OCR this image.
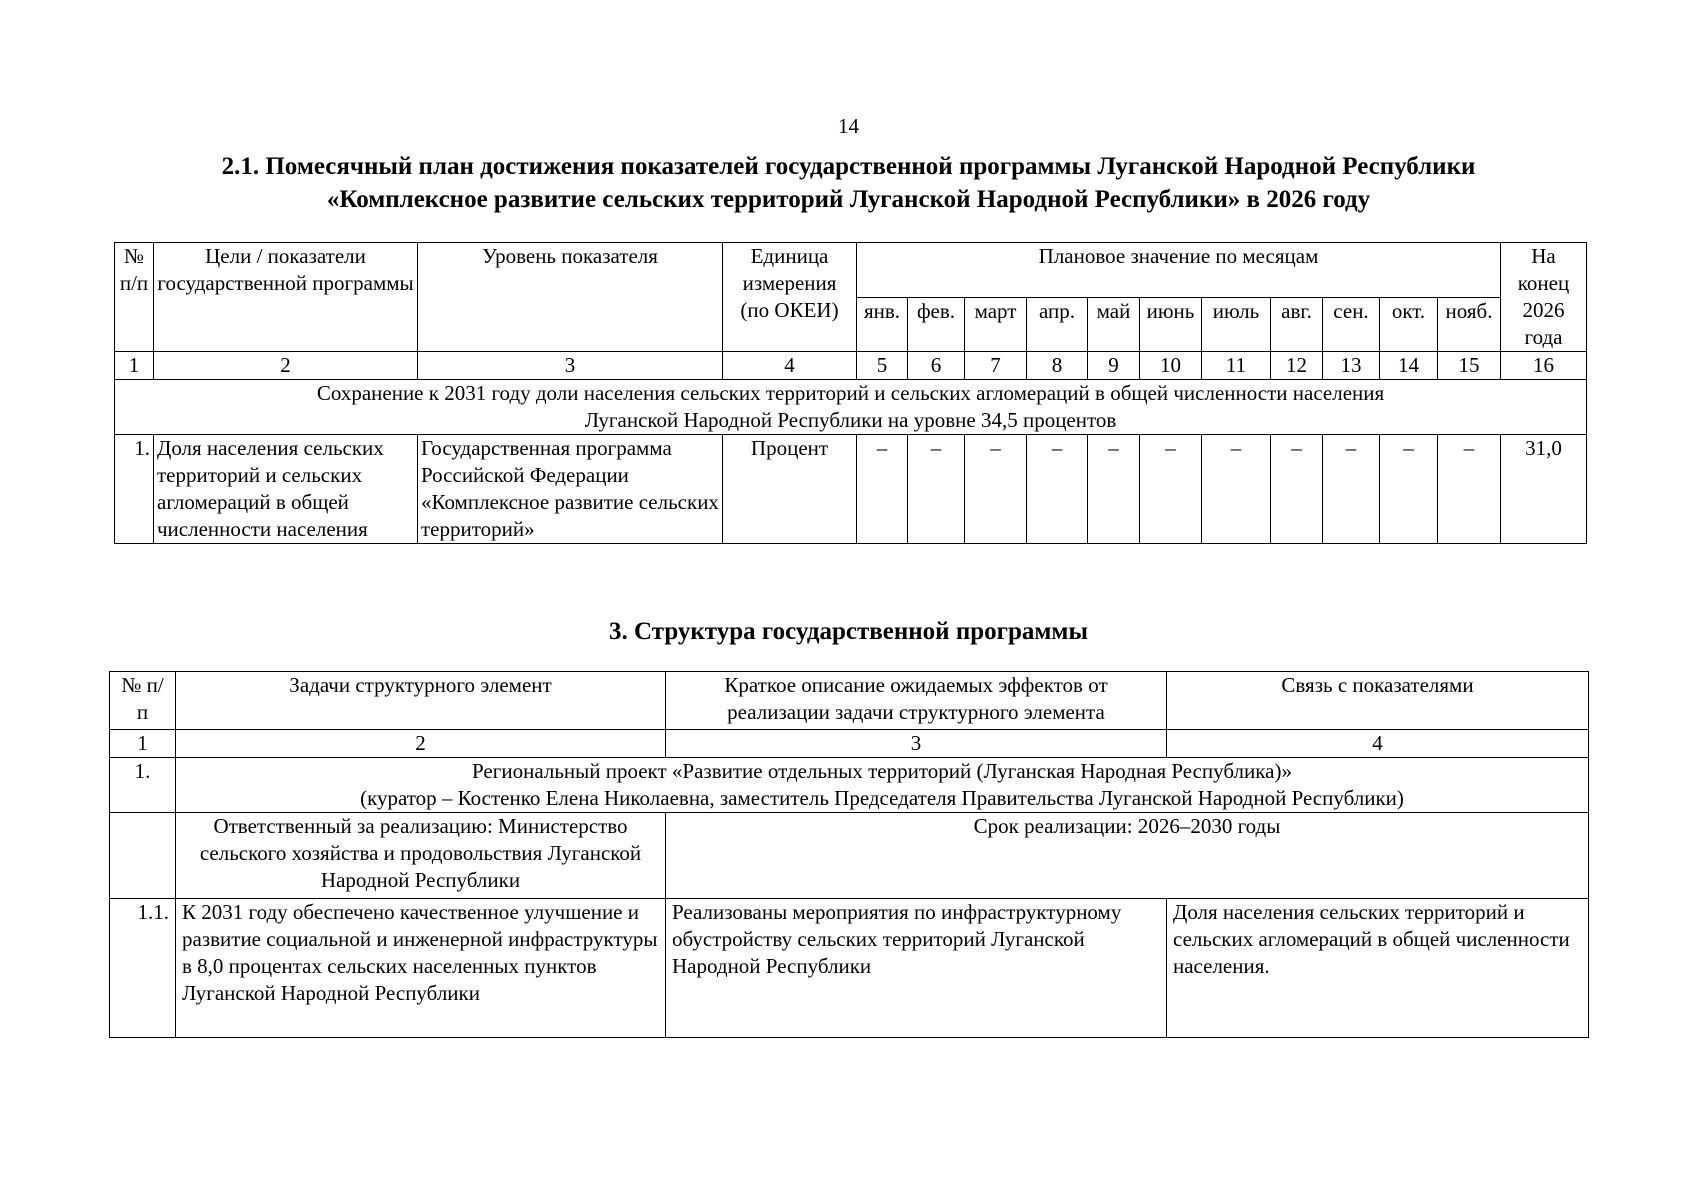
14
2.1. Помесячный план достижения показателей государственной программы Луганской Народной Республики
«Комплексное развитие сельских территорий Луганской Народной Республики» в 2026 году
№ п/п	Цели / показатели государственной программы	Уровень показателя	Единица измерения (по ОКЕИ)	Плановое значение по месяцам											На конец 2026 года
				янв.	фев.	март	апр.	май	июнь	июль	авг.	сен.	окт.	нояб.	
1	2	3	4	5	6	7	8	9	10	11	12	13	14	15	16

Сохранение к 2031 году доли населения сельских территорий и сельских агломераций в общей численности населения
Луганской Народной Республики на уровне 34,5 процентов															

1.	Доля населения сельских территорий и сельских агломераций в общей численности населения	Государственная программа Российской Федерации «Комплексное развитие сельских территорий»	Процент	–	–	–	–	–	–	–	–	–	–	–	31,0
3. Структура государственной программы
№ п/п	Задачи структурного элемент	Краткое описание ожидаемых эффектов от реализации задачи структурного элемента	Связь с показателями
1	2	3	4
1.	Региональный проект «Развитие отдельных территорий (Луганская Народная Республика)»
(куратор – Костенко Елена Николаевна, заместитель Председателя Правительства Луганской Народной Республики)		

	Ответственный за реализацию: Министерство сельского хозяйства и продовольствия Луганской Народной Республики	Срок реализации: 2026–2030 годы	
1.1.	К 2031 году обеспечено качественное улучшение и развитие социальной и инженерной инфраструктуры в 8,0 процентах сельских населенных пунктов Луганской Народной Республики	Реализованы мероприятия по инфраструктурному обустройству сельских территорий Луганской Народной Республики	Доля населения сельских территорий и сельских агломераций в общей численности населения.
